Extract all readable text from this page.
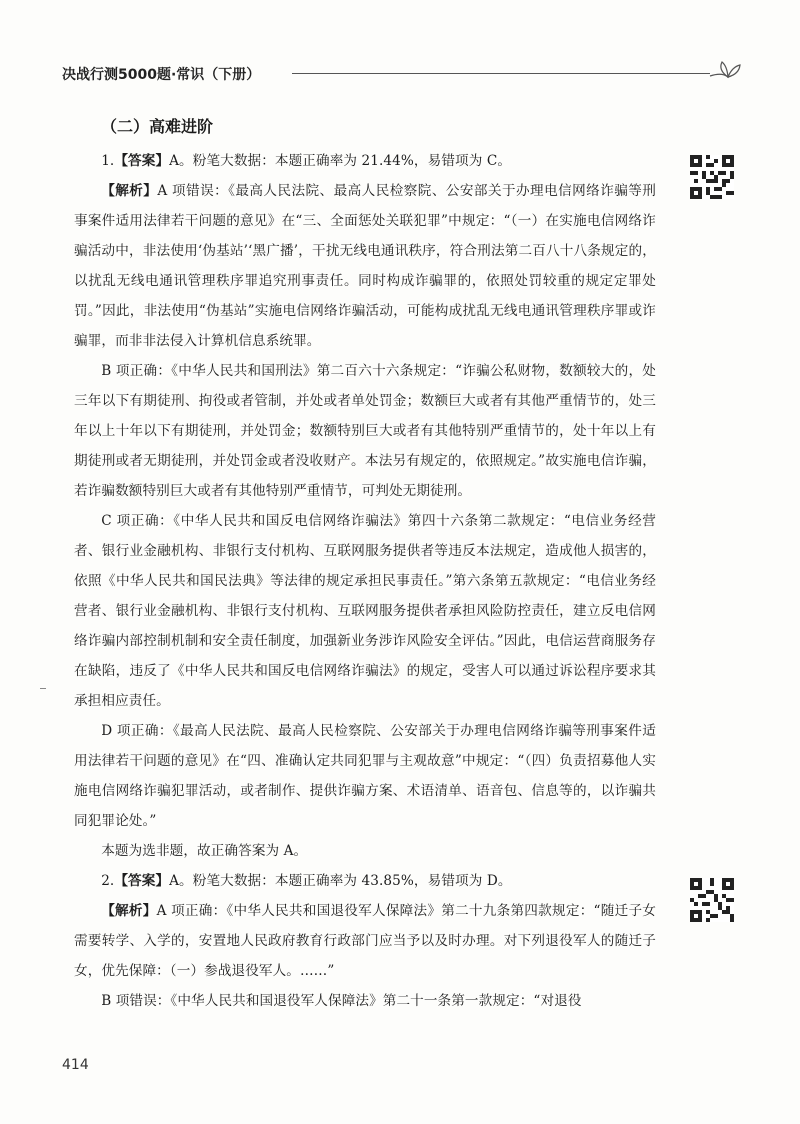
决战行测5000题·常识（下册）
（二）高难进阶

1.【答案】A。粉笔大数据：本题正确率为 21.44%，易错项为 C。

【解析】A 项错误：《最高人民法院、最高人民检察院、公安部关于办理电信网络诈骗等刑事案件适用法律若干问题的意见》在“三、全面惩处关联犯罪”中规定：“（一）在实施电信网络诈骗活动中，非法使用‘伪基站’‘黑广播’，干扰无线电通讯秩序，符合刑法第二百八十八条规定的，以扰乱无线电通讯管理秩序罪追究刑事责任。同时构成诈骗罪的，依照处罚较重的规定定罪处罚。”因此，非法使用“伪基站”实施电信网络诈骗活动，可能构成扰乱无线电通讯管理秩序罪或诈骗罪，而非非法侵入计算机信息系统罪。

B 项正确：《中华人民共和国刑法》第二百六十六条规定：“诈骗公私财物，数额较大的，处三年以下有期徒刑、拘役或者管制，并处或者单处罚金；数额巨大或者有其他严重情节的，处三年以上十年以下有期徒刑，并处罚金；数额特别巨大或者有其他特别严重情节的，处十年以上有期徒刑或者无期徒刑，并处罚金或者没收财产。本法另有规定的，依照规定。”故实施电信诈骗，若诈骗数额特别巨大或者有其他特别严重情节，可判处无期徒刑。

C 项正确：《中华人民共和国反电信网络诈骗法》第四十六条第二款规定：“电信业务经营者、银行业金融机构、非银行支付机构、互联网服务提供者等违反本法规定，造成他人损害的，依照《中华人民共和国民法典》等法律的规定承担民事责任。”第六条第五款规定：“电信业务经营者、银行业金融机构、非银行支付机构、互联网服务提供者承担风险防控责任，建立反电信网络诈骗内部控制机制和安全责任制度，加强新业务涉诈风险安全评估。”因此，电信运营商服务存在缺陷，违反了《中华人民共和国反电信网络诈骗法》的规定，受害人可以通过诉讼程序要求其承担相应责任。

D 项正确：《最高人民法院、最高人民检察院、公安部关于办理电信网络诈骗等刑事案件适用法律若干问题的意见》在“四、准确认定共同犯罪与主观故意”中规定：“（四）负责招募他人实施电信网络诈骗犯罪活动，或者制作、提供诈骗方案、术语清单、语音包、信息等的，以诈骗共同犯罪论处。”

本题为选非题，故正确答案为 A。

2.【答案】A。粉笔大数据：本题正确率为 43.85%，易错项为 D。

【解析】A 项正确：《中华人民共和国退役军人保障法》第二十九条第四款规定：“随迁子女需要转学、入学的，安置地人民政府教育行政部门应当予以及时办理。对下列退役军人的随迁子女，优先保障：（一）参战退役军人。……”

B 项错误：《中华人民共和国退役军人保障法》第二十一条第一款规定：“对退役

414
